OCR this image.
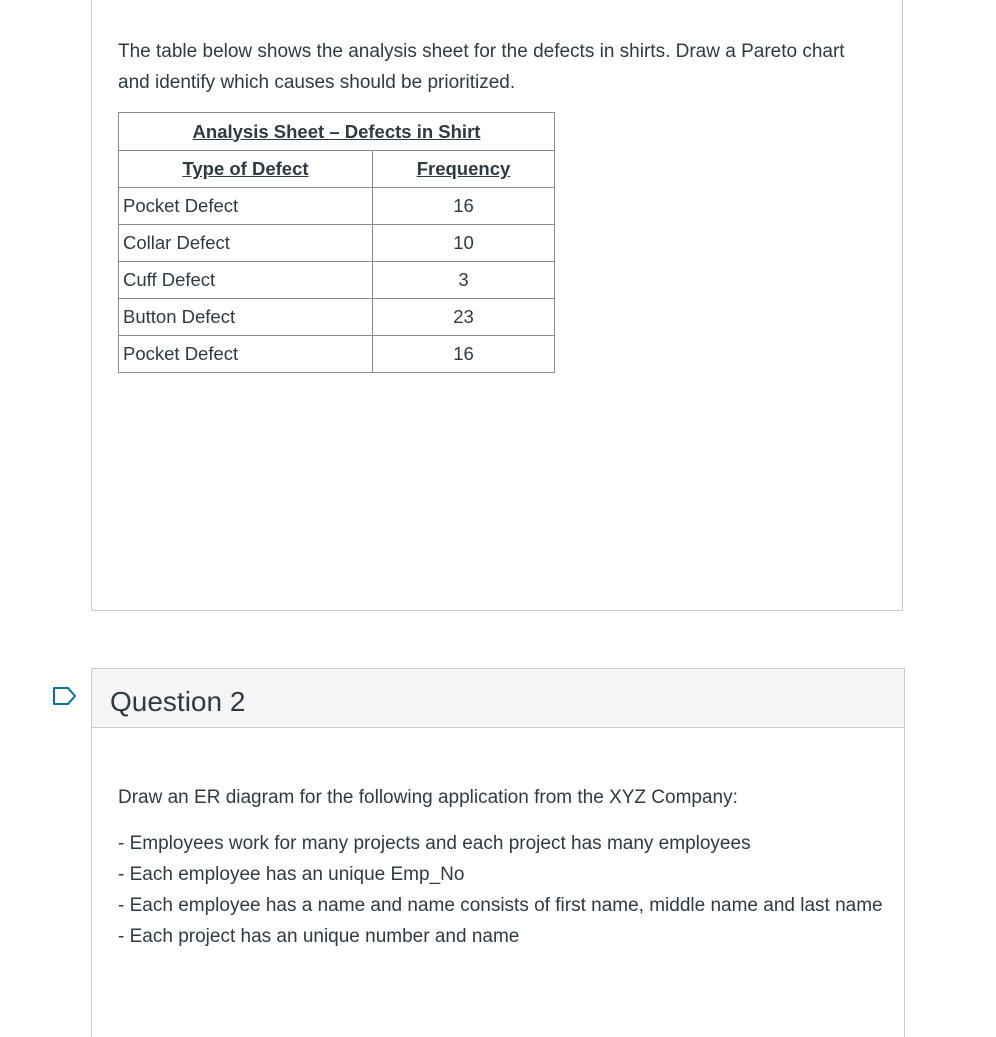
The table below shows the analysis sheet for the defects in shirts. Draw a Pareto chart and identify which causes should be prioritized.

Analysis Sheet – Defects in Shirt	
Type of Defect	Frequency
Pocket Defect	16
Collar Defect	10
Cuff Defect	3
Button Defect	23
Pocket Defect	16
Question 2

Draw an ER diagram for the following application from the XYZ Company:

- Employees work for many projects and each project has many employees
- Each employee has an unique Emp_No
- Each employee has a name and name consists of first name, middle name and last name
- Each project has an unique number and name
